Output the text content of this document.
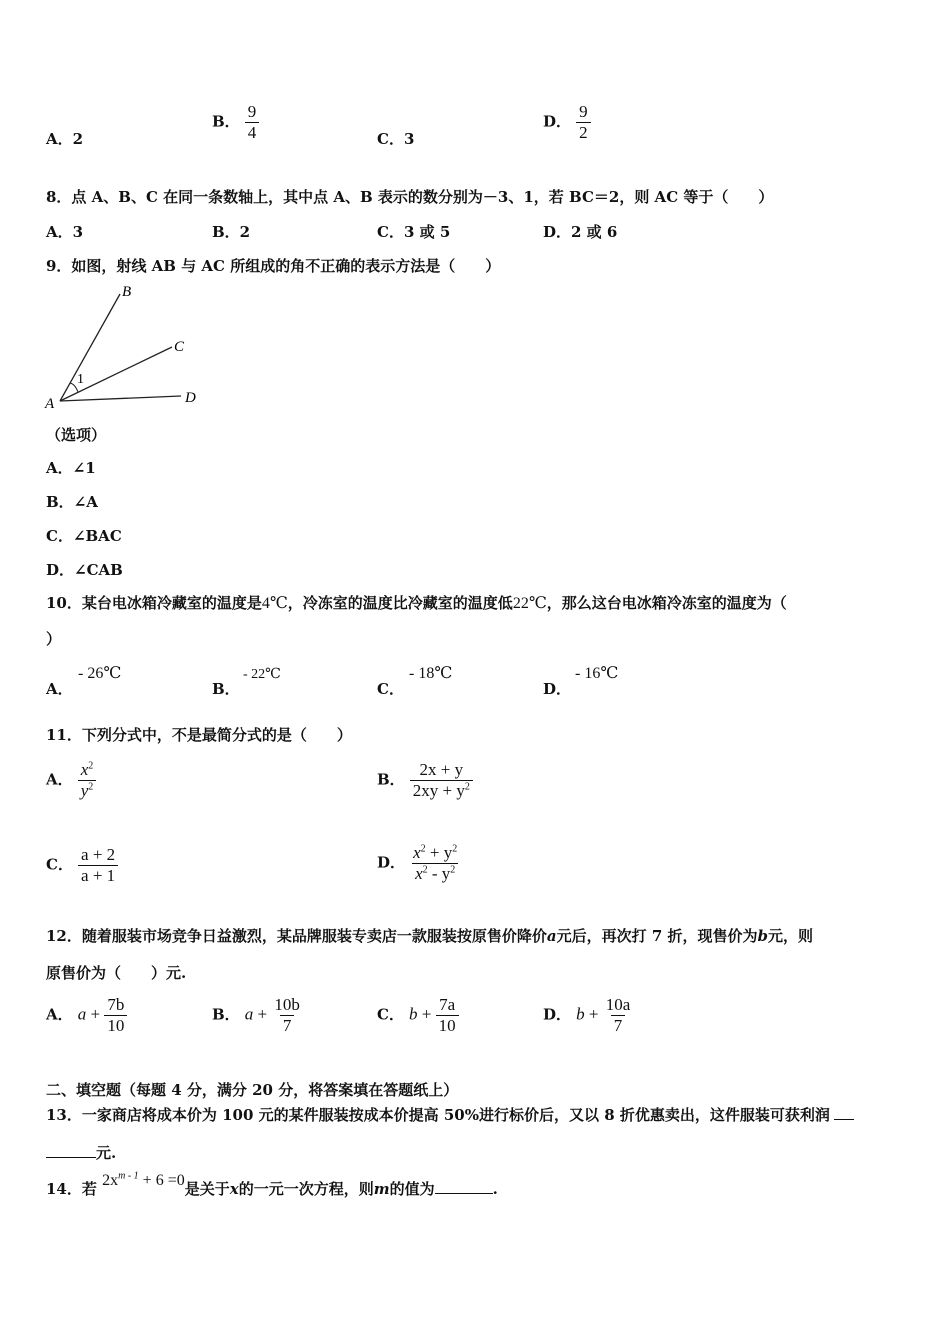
A．2
B． $\frac{9}{4}$	C．3
D． $\frac{9}{2}$
8．点 A、B、C 在同一条数轴上，其中点 A、B 表示的数分别为－3、1，若 BC＝2，则 AC 等于（　　）
A．3	B．2	C．3 或 5	D．2 或 6
9．如图，射线 AB 与 AC 所组成的角不正确的表示方法是（　　）
B
C
D
A
1
（选项）
A．∠1
B．∠A
C．∠BAC
D．∠CAB
10．某台电冰箱冷藏室的温度是4℃，冷冻室的温度比冷藏室的温度低22℃，那么这台电冰箱冷冻室的温度为（
）
A．
- 26℃
B．
- 22℃
C．
- 18℃
D．
- 16℃
11．下列分式中，不是最简分式的是（　　）
A． $\frac{x^2}{y^2}$	B． $\frac{2x + y}{2xy + y^2}$
C． $\frac{a + 2}{a + 1}$	D． $\frac{x^2 + y^2}{x^2 - y^2}$
12．随着服装市场竞争日益激烈，某品牌服装专卖店一款服装按原售价降价a元后，再次打 7 折，现售价为b元，则
原售价为（　　）元.
A． $a + \frac{7b}{10}$	B． $a + \frac{10b}{7}$	C． $b + \frac{7a}{10}$	D． $b + \frac{10a}{7}$
二、填空题（每题 4 分，满分 20 分，将答案填在答题纸上）
13．一家商店将成本价为 100 元的某件服装按成本价提高 50%进行标价后，又以 8 折优惠卖出，这件服装可获利润
元.
14．若 $2x^{m - 1} + 6 =0$是关于x的一元一次方程，则m的值为	.
